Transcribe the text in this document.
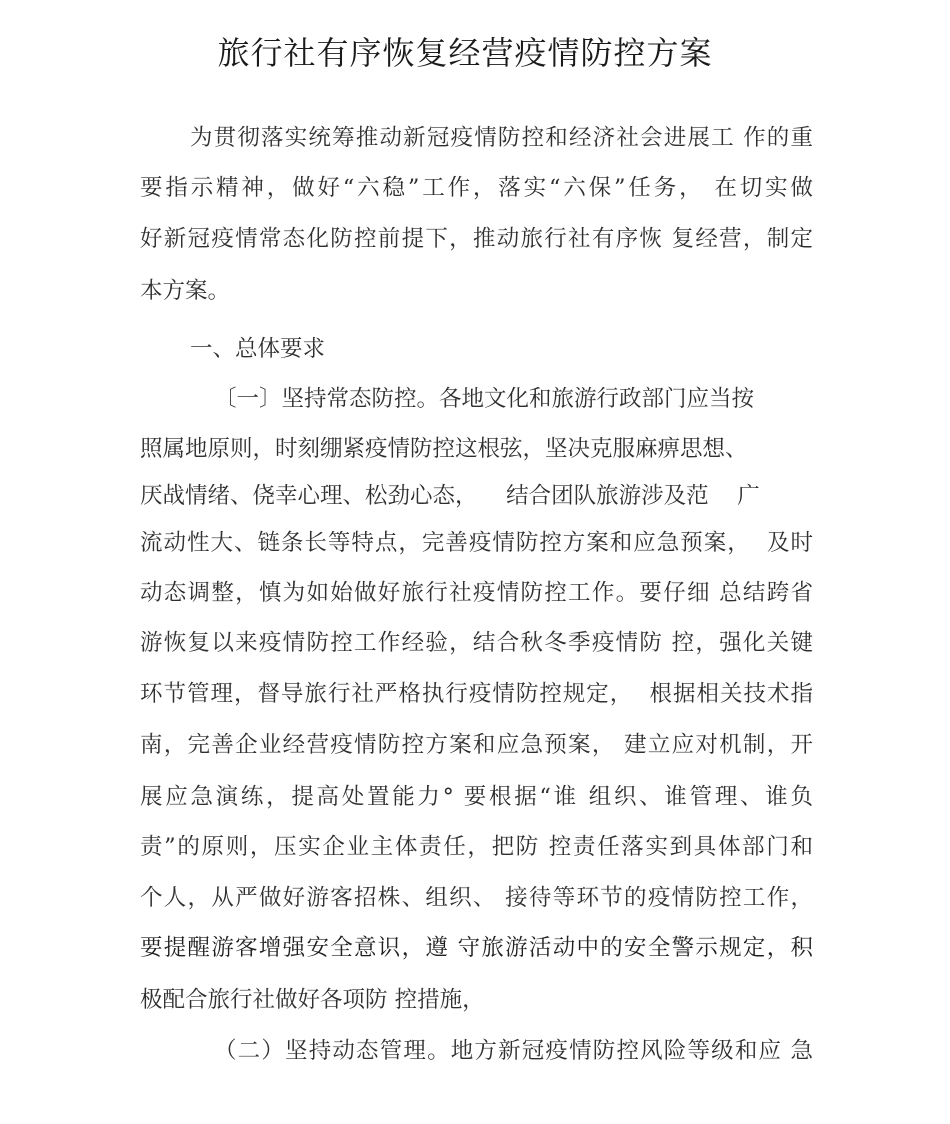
旅行社有序恢复经营疫情防控方案
为贯彻落实统筹推动新冠疫情防控和经济社会进展工 作的重
要指示精神，做好“六稳”工作，落实“六保”任务， 在切实做
好新冠疫情常态化防控前提下，推动旅行社有序恢 复经营，制定
本方案。
一、总体要求
〔一〕坚持常态防控。各地文化和旅游行政部门应当按
照属地原则，时刻绷紧疫情防控这根弦，坚决克服麻痹思想、
厌战情绪、侥幸心理、松劲心态，    结合团队旅游涉及范    广
流动性大、链条长等特点，完善疫情防控方案和应急预案，  及时
动态调整，慎为如始做好旅行社疫情防控工作。要仔细 总结跨省
游恢复以来疫情防控工作经验，结合秋冬季疫情防 控，强化关键
环节管理，督导旅行社严格执行疫情防控规定，  根据相关技术指
南，完善企业经营疫情防控方案和应急预案， 建立应对机制，开
展应急演练，提高处置能力° 要根据“谁 组织、谁管理、谁负
责”的原则，压实企业主体责任，把防 控责任落实到具体部门和
个人，从严做好游客招株、组织、 接待等环节的疫情防控工作，
要提醒游客增强安全意识，遵 守旅游活动中的安全警示规定，积
极配合旅行社做好各项防 控措施，
（二）坚持动态管理。地方新冠疫情防控风险等级和应 急
